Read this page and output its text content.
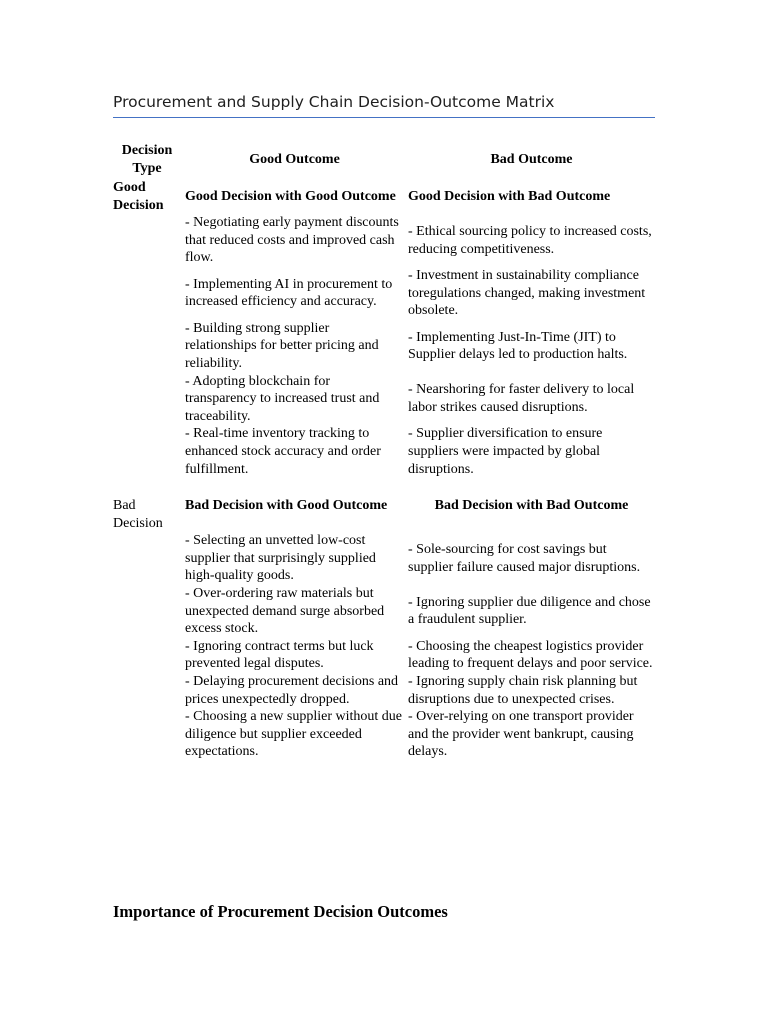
Procurement and Supply Chain Decision-Outcome Matrix
Decision Type	Good Outcome	Bad Outcome
Good Decision	Good Decision with Good Outcome	Good Decision with Bad Outcome
	- Negotiating early payment discounts that reduced costs and improved cash flow.	- Ethical sourcing policy to increased costs, reducing competitiveness.
	- Implementing AI in procurement to increased efficiency and accuracy.	- Investment in sustainability compliance toregulations changed, making investment obsolete.
	- Building strong supplier relationships for better pricing and reliability.	- Implementing Just-In-Time (JIT) to Supplier delays led to production halts.
	- Adopting blockchain for transparency to increased trust and traceability.	- Nearshoring for faster delivery to local labor strikes caused disruptions.
	- Real-time inventory tracking to enhanced stock accuracy and order fulfillment.	- Supplier diversification to ensure suppliers were impacted by global disruptions.

Bad Decision	Bad Decision with Good Outcome	Bad Decision with Bad Outcome
	- Selecting an unvetted low-cost supplier that surprisingly supplied high-quality goods.	- Sole-sourcing for cost savings but supplier failure caused major disruptions.
	- Over-ordering raw materials but unexpected demand surge absorbed excess stock.	- Ignoring supplier due diligence and chose a fraudulent supplier.
	- Ignoring contract terms but luck prevented legal disputes.	- Choosing the cheapest logistics provider leading to frequent delays and poor service.
	- Delaying procurement decisions and prices unexpectedly dropped.	- Ignoring supply chain risk planning but disruptions due to unexpected crises.
	- Choosing a new supplier without due diligence but supplier exceeded expectations.	- Over-relying on one transport provider and the provider went bankrupt, causing delays.
Importance of Procurement Decision Outcomes
